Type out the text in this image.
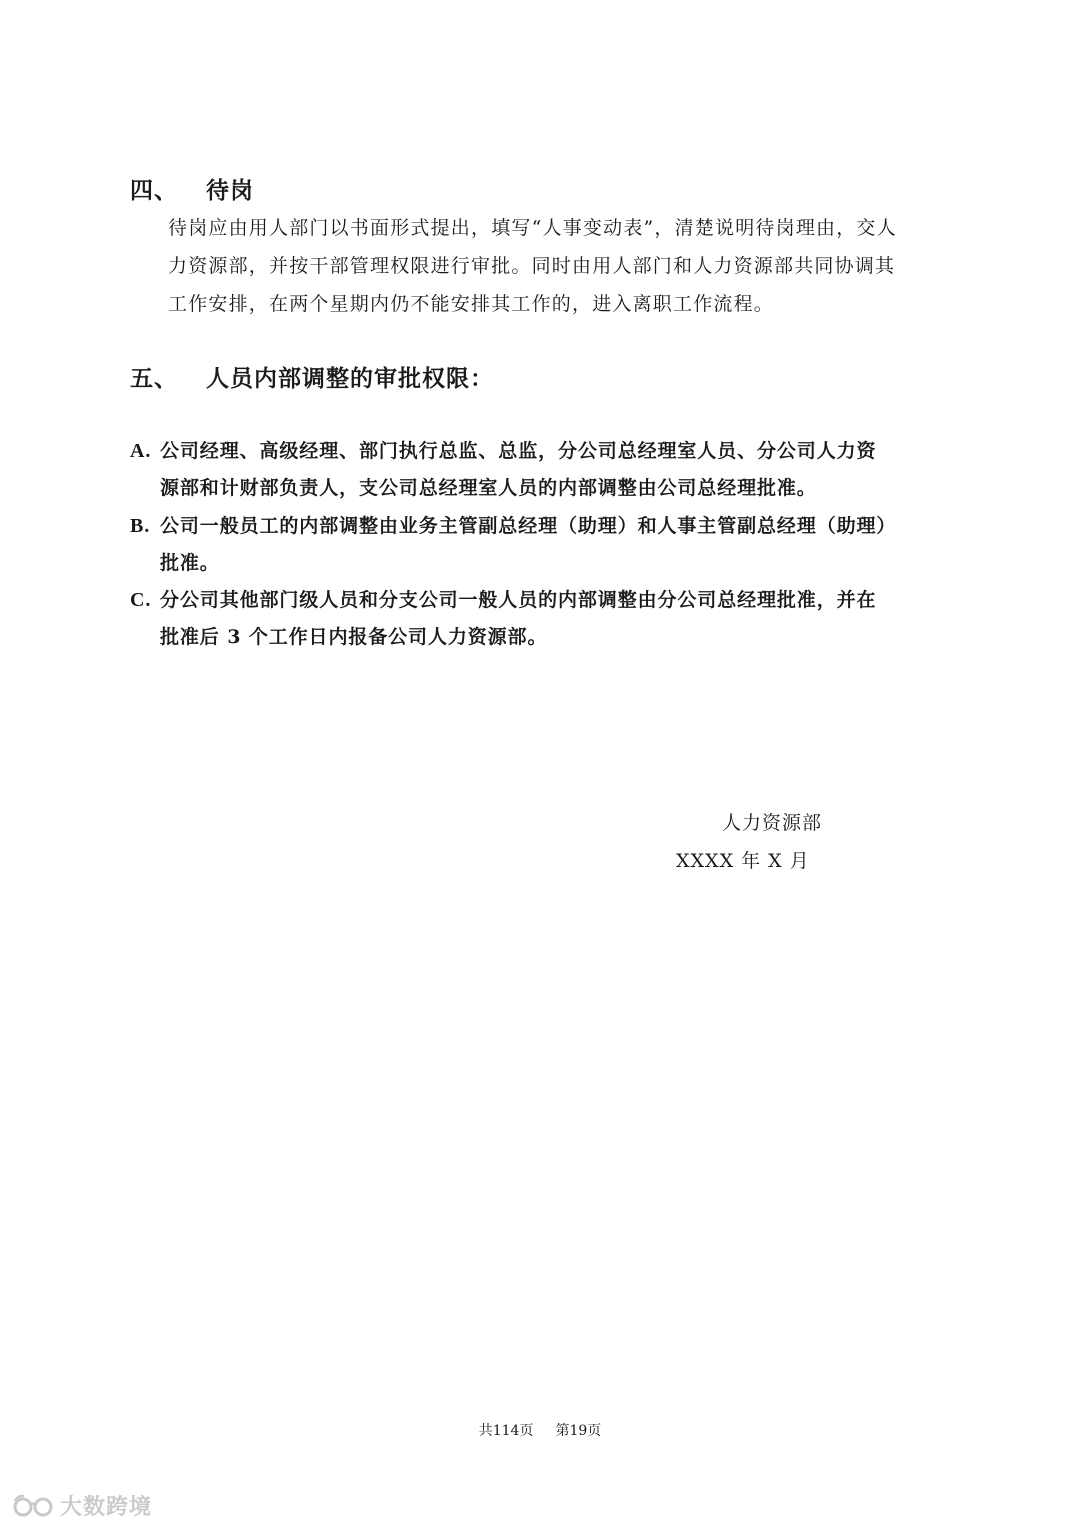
四、 待岗
待岗应由用人部门以书面形式提出，填写“人事变动表”，清楚说明待岗理由，交人
力资源部，并按干部管理权限进行审批。同时由用人部门和人力资源部共同协调其
工作安排，在两个星期内仍不能安排其工作的，进入离职工作流程。
五、 人员内部调整的审批权限：
A. 公司经理、高级经理、部门执行总监、总监，分公司总经理室人员、分公司人力资
源部和计财部负责人，支公司总经理室人员的内部调整由公司总经理批准。
B. 公司一般员工的内部调整由业务主管副总经理（助理）和人事主管副总经理（助理）
批准。
C. 分公司其他部门级人员和分支公司一般人员的内部调整由分公司总经理批准，并在
批准后 3 个工作日内报备公司人力资源部。
人力资源部
XXXX 年 X 月
共114页 第19页
大数跨境
